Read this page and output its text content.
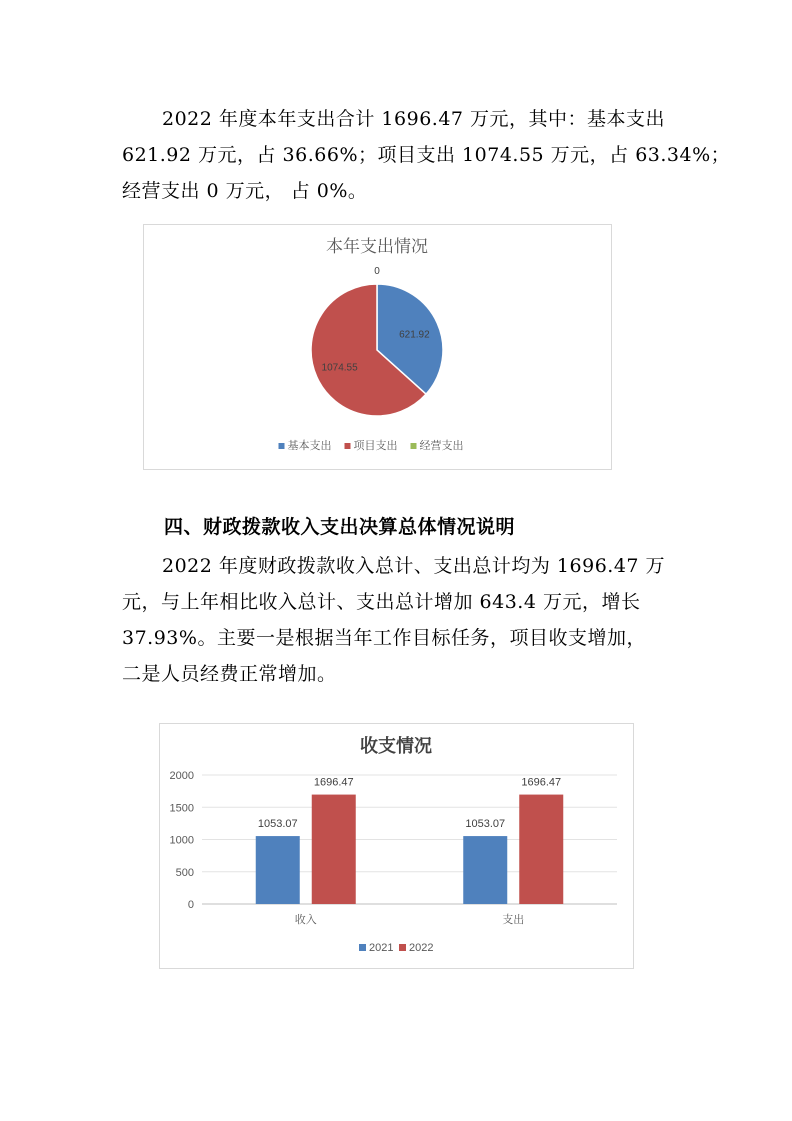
2022 年度本年支出合计 1696.47 万元，其中：基本支出
621.92 万元，占 36.66%；项目支出 1074.55 万元，占 63.34%；
经营支出 0 万元， 占 0%。

本年支出情况
621.92
1074.55
0
基本支出 项目支出 经营支出
四、财政拨款收入支出决算总体情况说明

2022 年度财政拨款收入总计、支出总计均为 1696.47 万
元，与上年相比收入总计、支出总计增加 643.4 万元，增长
37.93%。主要一是根据当年工作目标任务，项目收支增加，
二是人员经费正常增加。

收支情况
0
500
1000
1500
2000
1053.07
1696.47
收入
1053.07
1696.47
支出
2021 2022
